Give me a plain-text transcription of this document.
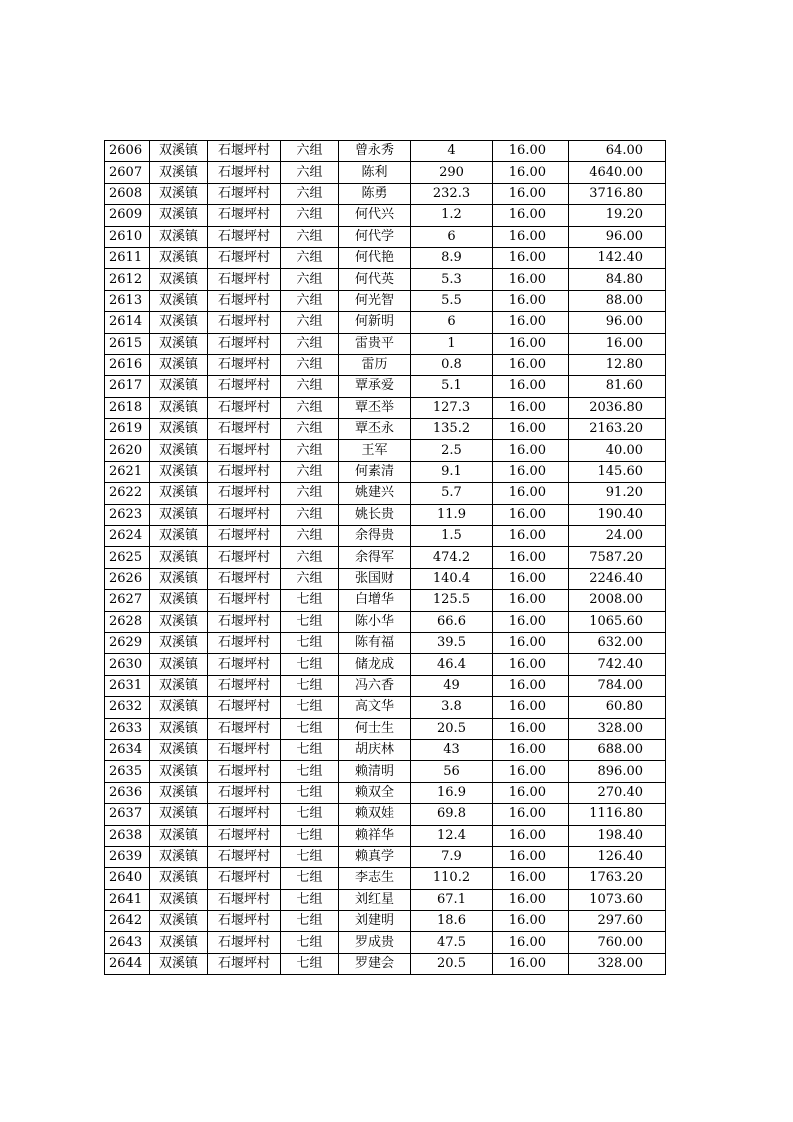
2606	双溪镇	石堰坪村	六组	曾永秀	4	16.00	64.00
2607	双溪镇	石堰坪村	六组	陈利	290	16.00	4640.00
2608	双溪镇	石堰坪村	六组	陈勇	232.3	16.00	3716.80
2609	双溪镇	石堰坪村	六组	何代兴	1.2	16.00	19.20
2610	双溪镇	石堰坪村	六组	何代学	6	16.00	96.00
2611	双溪镇	石堰坪村	六组	何代艳	8.9	16.00	142.40
2612	双溪镇	石堰坪村	六组	何代英	5.3	16.00	84.80
2613	双溪镇	石堰坪村	六组	何光智	5.5	16.00	88.00
2614	双溪镇	石堰坪村	六组	何新明	6	16.00	96.00
2615	双溪镇	石堰坪村	六组	雷贵平	1	16.00	16.00
2616	双溪镇	石堰坪村	六组	雷历	0.8	16.00	12.80
2617	双溪镇	石堰坪村	六组	覃承爱	5.1	16.00	81.60
2618	双溪镇	石堰坪村	六组	覃丕举	127.3	16.00	2036.80
2619	双溪镇	石堰坪村	六组	覃丕永	135.2	16.00	2163.20
2620	双溪镇	石堰坪村	六组	王军	2.5	16.00	40.00
2621	双溪镇	石堰坪村	六组	何素清	9.1	16.00	145.60
2622	双溪镇	石堰坪村	六组	姚建兴	5.7	16.00	91.20
2623	双溪镇	石堰坪村	六组	姚长贵	11.9	16.00	190.40
2624	双溪镇	石堰坪村	六组	余得贵	1.5	16.00	24.00
2625	双溪镇	石堰坪村	六组	余得军	474.2	16.00	7587.20
2626	双溪镇	石堰坪村	六组	张国财	140.4	16.00	2246.40
2627	双溪镇	石堰坪村	七组	白增华	125.5	16.00	2008.00
2628	双溪镇	石堰坪村	七组	陈小华	66.6	16.00	1065.60
2629	双溪镇	石堰坪村	七组	陈有福	39.5	16.00	632.00
2630	双溪镇	石堰坪村	七组	储龙成	46.4	16.00	742.40
2631	双溪镇	石堰坪村	七组	冯六香	49	16.00	784.00
2632	双溪镇	石堰坪村	七组	高文华	3.8	16.00	60.80
2633	双溪镇	石堰坪村	七组	何士生	20.5	16.00	328.00
2634	双溪镇	石堰坪村	七组	胡庆林	43	16.00	688.00
2635	双溪镇	石堰坪村	七组	赖清明	56	16.00	896.00
2636	双溪镇	石堰坪村	七组	赖双全	16.9	16.00	270.40
2637	双溪镇	石堰坪村	七组	赖双娃	69.8	16.00	1116.80
2638	双溪镇	石堰坪村	七组	赖祥华	12.4	16.00	198.40
2639	双溪镇	石堰坪村	七组	赖真学	7.9	16.00	126.40
2640	双溪镇	石堰坪村	七组	李志生	110.2	16.00	1763.20
2641	双溪镇	石堰坪村	七组	刘红星	67.1	16.00	1073.60
2642	双溪镇	石堰坪村	七组	刘建明	18.6	16.00	297.60
2643	双溪镇	石堰坪村	七组	罗成贵	47.5	16.00	760.00
2644	双溪镇	石堰坪村	七组	罗建会	20.5	16.00	328.00
